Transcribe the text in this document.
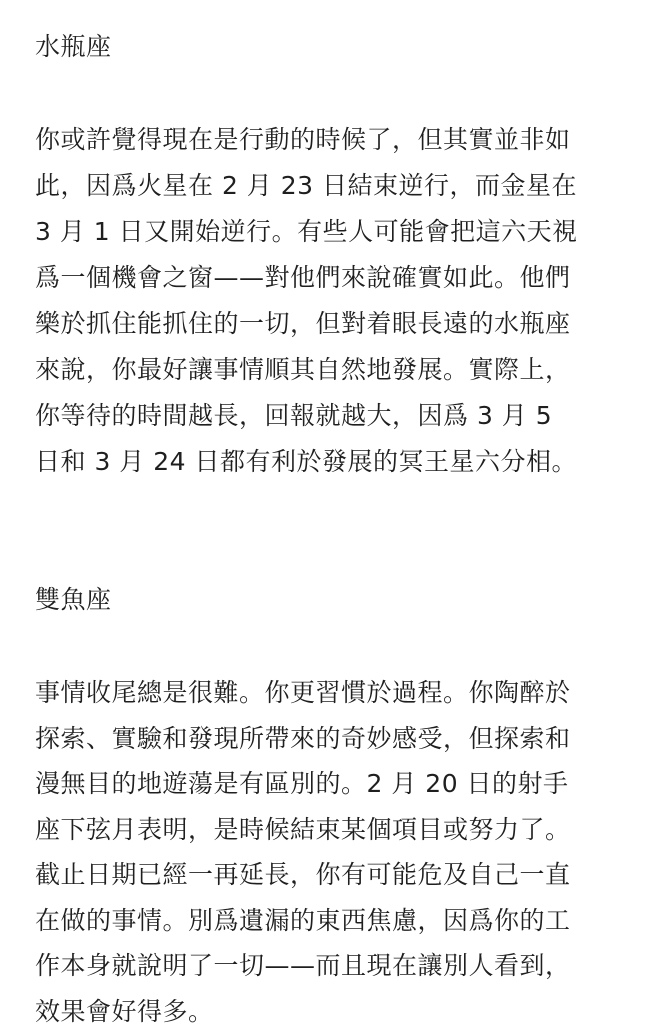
水瓶座
你或許覺得現在是行動的時候了，但其實並非如
此，因爲火星在 2 月 23 日結束逆行，而金星在
3 月 1 日又開始逆行。有些人可能會把這六天視
爲一個機會之窗——對他們來說確實如此。他們
樂於抓住能抓住的一切，但對着眼長遠的水瓶座
來說，你最好讓事情順其自然地發展。實際上，
你等待的時間越長，回報就越大，因爲 3 月 5
日和 3 月 24 日都有利於發展的冥王星六分相。
雙魚座
事情收尾總是很難。你更習慣於過程。你陶醉於
探索、實驗和發現所帶來的奇妙感受，但探索和
漫無目的地遊蕩是有區別的。2 月 20 日的射手
座下弦月表明，是時候結束某個項目或努力了。
截止日期已經一再延長，你有可能危及自己一直
在做的事情。別爲遺漏的東西焦慮，因爲你的工
作本身就說明了一切——而且現在讓別人看到，
效果會好得多。
